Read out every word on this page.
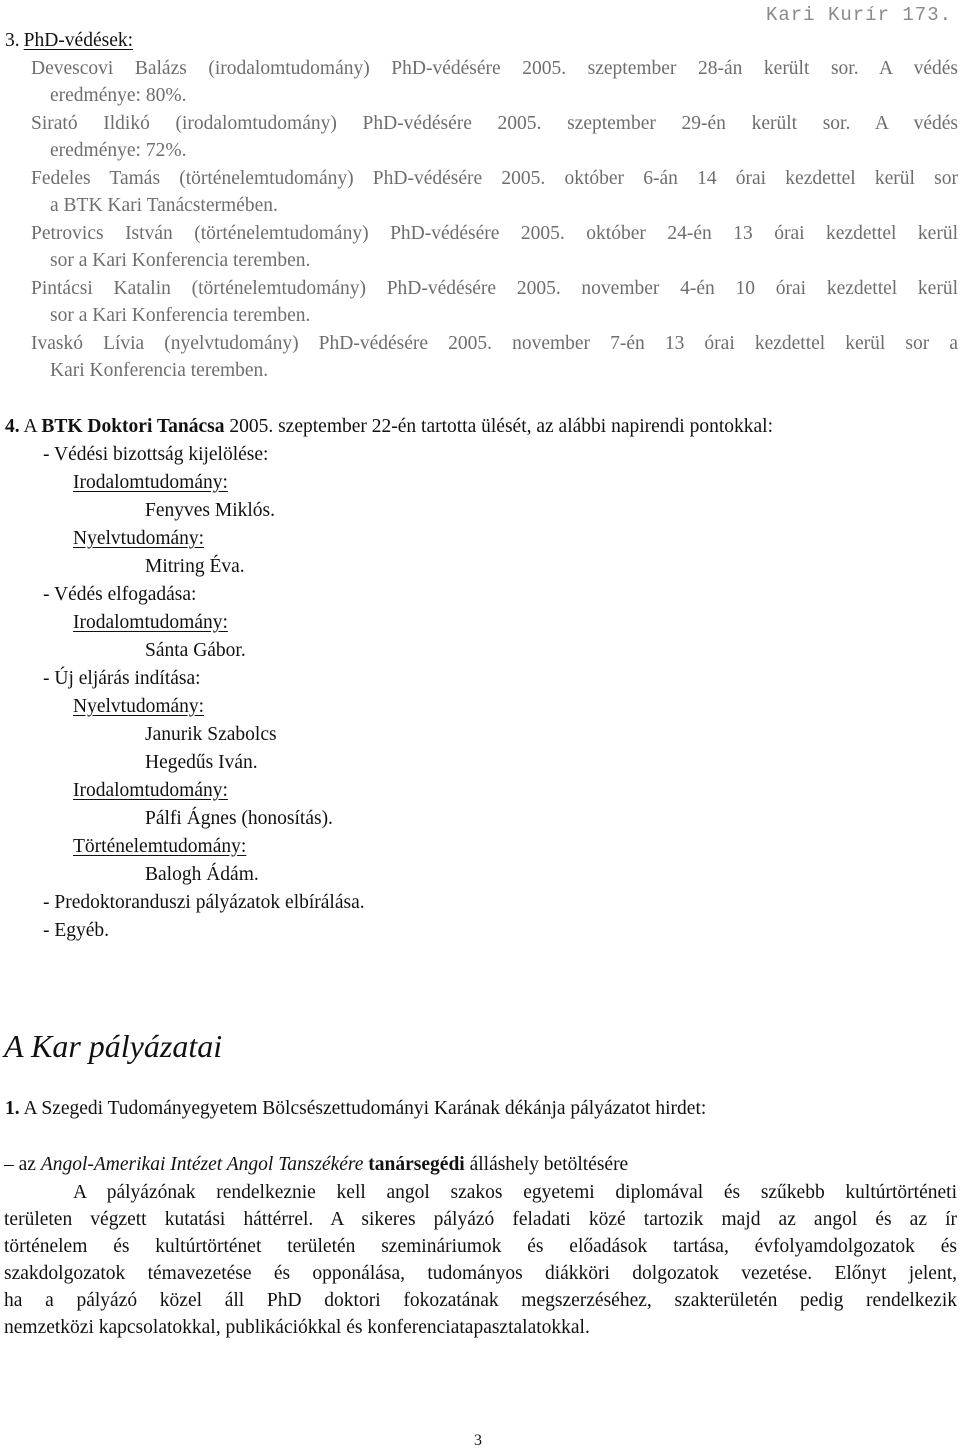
Kari Kurír 173.
3. PhD-védések:
Devescovi Balázs (irodalomtudomány) PhD-védésére 2005. szeptember 28-án került sor. A védés
eredménye: 80%.
Sirató Ildikó (irodalomtudomány) PhD-védésére 2005. szeptember 29-én került sor. A védés
eredménye: 72%.
Fedeles Tamás (történelemtudomány) PhD-védésére 2005. október 6-án 14 órai kezdettel kerül sor
a BTK Kari Tanácstermében.
Petrovics István (történelemtudomány) PhD-védésére 2005. október 24-én 13 órai kezdettel kerül
sor a Kari Konferencia teremben.
Pintácsi Katalin (történelemtudomány) PhD-védésére 2005. november 4-én 10 órai kezdettel kerül
sor a Kari Konferencia teremben.
Ivaskó Lívia (nyelvtudomány) PhD-védésére 2005. november 7-én 13 órai kezdettel kerül sor a
Kari Konferencia teremben.
4. A BTK Doktori Tanácsa 2005. szeptember 22-én tartotta ülését, az alábbi napirendi pontokkal:
- Védési bizottság kijelölése:
Irodalomtudomány:
Fenyves Miklós.
Nyelvtudomány:
Mitring Éva.
- Védés elfogadása:
Irodalomtudomány:
Sánta Gábor.
- Új eljárás indítása:
Nyelvtudomány:
Janurik Szabolcs
Hegedűs Iván.
Irodalomtudomány:
Pálfi Ágnes (honosítás).
Történelemtudomány:
Balogh Ádám.
- Predoktoranduszi pályázatok elbírálása.
- Egyéb.
A Kar pályázatai
1. A Szegedi Tudományegyetem Bölcsészettudományi Karának dékánja pályázatot hirdet:
– az Angol-Amerikai Intézet Angol Tanszékére tanársegédi álláshely betöltésére
A pályázónak rendelkeznie kell angol szakos egyetemi diplomával és szűkebb kultúrtörténeti
területen végzett kutatási háttérrel. A sikeres pályázó feladati közé tartozik majd az angol és az ír
történelem és kultúrtörténet területén szemináriumok és előadások tartása, évfolyamdolgozatok és
szakdolgozatok témavezetése és opponálása, tudományos diákköri dolgozatok vezetése. Előnyt jelent,
ha a pályázó közel áll PhD doktori fokozatának megszerzéséhez, szakterületén pedig rendelkezik
nemzetközi kapcsolatokkal, publikációkkal és konferenciatapasztalatokkal.
3
